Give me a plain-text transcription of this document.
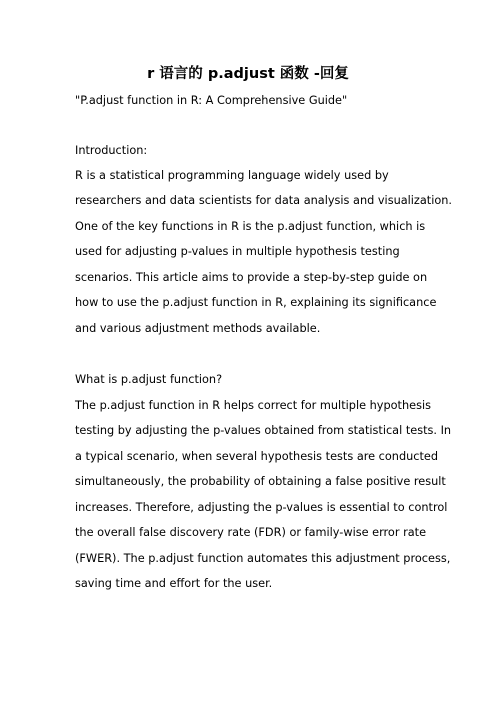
r 语言的 p.adjust 函数 -回复
"P.adjust function in R: A Comprehensive Guide"
Introduction:
R is a statistical programming language widely used by
researchers and data scientists for data analysis and visualization.
One of the key functions in R is the p.adjust function, which is
used for adjusting p-values in multiple hypothesis testing
scenarios. This article aims to provide a step-by-step guide on
how to use the p.adjust function in R, explaining its significance
and various adjustment methods available.
What is p.adjust function?
The p.adjust function in R helps correct for multiple hypothesis
testing by adjusting the p-values obtained from statistical tests. In
a typical scenario, when several hypothesis tests are conducted
simultaneously, the probability of obtaining a false positive result
increases. Therefore, adjusting the p-values is essential to control
the overall false discovery rate (FDR) or family-wise error rate
(FWER). The p.adjust function automates this adjustment process,
saving time and effort for the user.
